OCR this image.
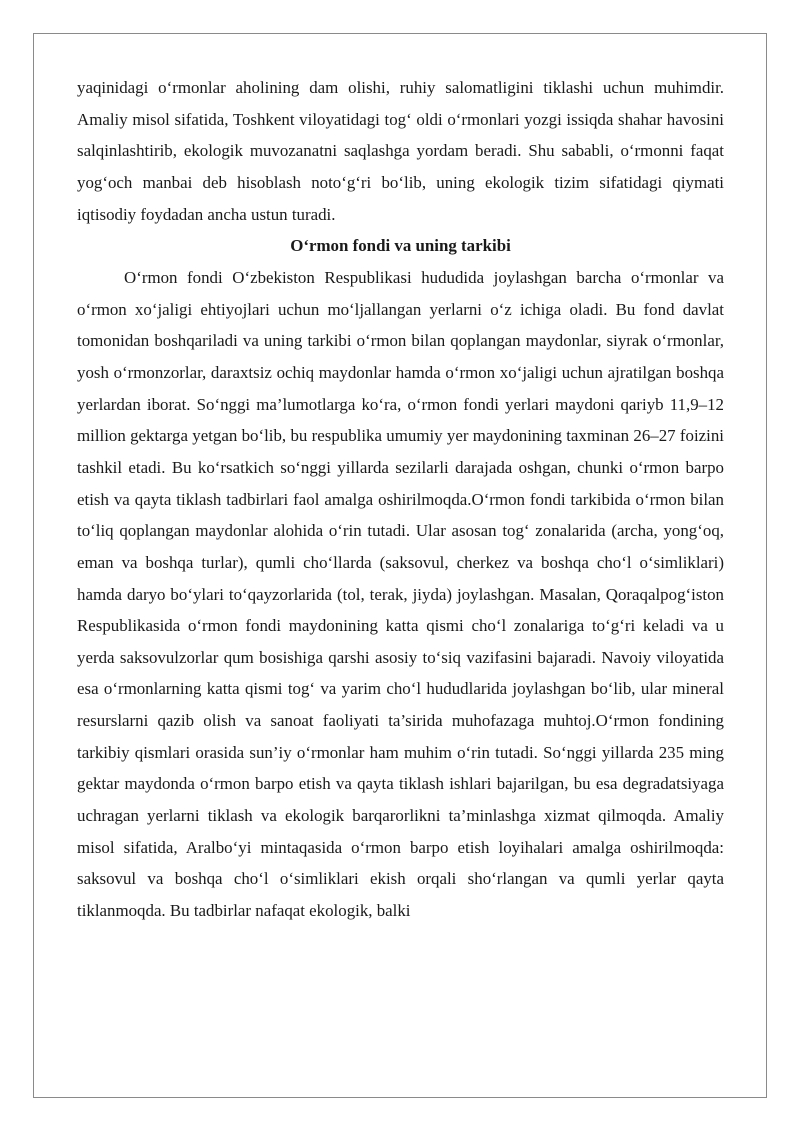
yaqinidagi o‘rmonlar aholining dam olishi, ruhiy salomatligini tiklashi uchun muhimdir. Amaliy misol sifatida, Toshkent viloyatidagi tog‘ oldi o‘rmonlari yozgi issiqda shahar havosini salqinlashtirib, ekologik muvozanatni saqlashga yordam beradi. Shu sababli, o‘rmonni faqat yog‘och manbai deb hisoblash noto‘g‘ri bo‘lib, uning ekologik tizim sifatidagi qiymati iqtisodiy foydadan ancha ustun turadi.

O‘rmon fondi va uning tarkibi

O‘rmon fondi O‘zbekiston Respublikasi hududida joylashgan barcha o‘rmonlar va o‘rmon xo‘jaligi ehtiyojlari uchun mo‘ljallangan yerlarni o‘z ichiga oladi. Bu fond davlat tomonidan boshqariladi va uning tarkibi o‘rmon bilan qoplangan maydonlar, siyrak o‘rmonlar, yosh o‘rmonzorlar, daraxtsiz ochiq maydonlar hamda o‘rmon xo‘jaligi uchun ajratilgan boshqa yerlardan iborat. So‘nggi ma’lumotlarga ko‘ra, o‘rmon fondi yerlari maydoni qariyb 11,9–12 million gektarga yetgan bo‘lib, bu respublika umumiy yer maydonining taxminan 26–27 foizini tashkil etadi. Bu ko‘rsatkich so‘nggi yillarda sezilarli darajada oshgan, chunki o‘rmon barpo etish va qayta tiklash tadbirlari faol amalga oshirilmoqda.O‘rmon fondi tarkibida o‘rmon bilan to‘liq qoplangan maydonlar alohida o‘rin tutadi. Ular asosan tog‘ zonalarida (archa, yong‘oq, eman va boshqa turlar), qumli cho‘llarda (saksovul, cherkez va boshqa cho‘l o‘simliklari) hamda daryo bo‘ylari to‘qayzorlarida (tol, terak, jiyda) joylashgan. Masalan, Qoraqalpog‘iston Respublikasida o‘rmon fondi maydonining katta qismi cho‘l zonalariga to‘g‘ri keladi va u yerda saksovulzorlar qum bosishiga qarshi asosiy to‘siq vazifasini bajaradi. Navoiy viloyatida esa o‘rmonlarning katta qismi tog‘ va yarim cho‘l hududlarida joylashgan bo‘lib, ular mineral resurslarni qazib olish va sanoat faoliyati ta’sirida muhofazaga muhtoj.O‘rmon fondining tarkibiy qismlari orasida sun’iy o‘rmonlar ham muhim o‘rin tutadi. So‘nggi yillarda 235 ming gektar maydonda o‘rmon barpo etish va qayta tiklash ishlari bajarilgan, bu esa degradatsiyaga uchragan yerlarni tiklash va ekologik barqarorlikni ta’minlashga xizmat qilmoqda. Amaliy misol sifatida, Aralbo‘yi mintaqasida o‘rmon barpo etish loyihalari amalga oshirilmoqda: saksovul va boshqa cho‘l o‘simliklari ekish orqali sho‘rlangan va qumli yerlar qayta tiklanmoqda. Bu tadbirlar nafaqat ekologik, balki
